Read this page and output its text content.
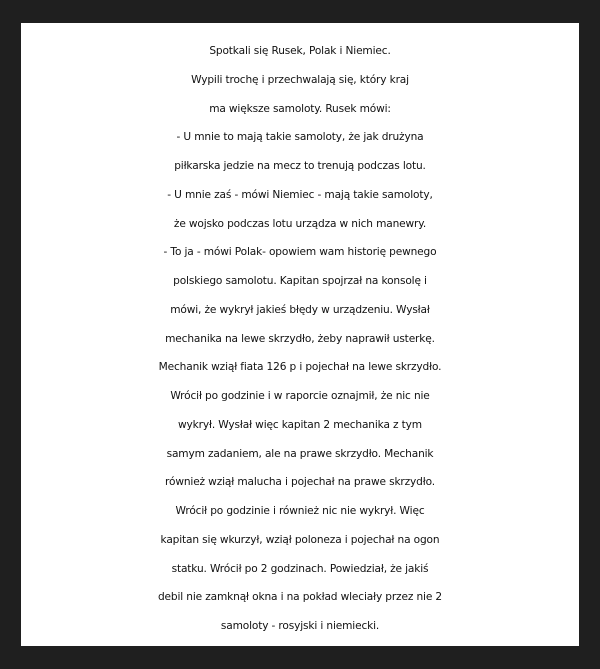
Spotkali się Rusek, Polak i Niemiec.
Wypili trochę i przechwalają się, który kraj
ma większe samoloty. Rusek mówi:
- U mnie to mają takie samoloty, że jak drużyna
piłkarska jedzie na mecz to trenują podczas lotu.
- U mnie zaś - mówi Niemiec - mają takie samoloty,
że wojsko podczas lotu urządza w nich manewry.
- To ja - mówi Polak- opowiem wam historię pewnego
polskiego samolotu. Kapitan spojrzał na konsolę i
mówi, że wykrył jakieś błędy w urządzeniu. Wysłał
mechanika na lewe skrzydło, żeby naprawił usterkę.
Mechanik wziął fiata 126 p i pojechał na lewe skrzydło.
Wrócił po godzinie i w raporcie oznajmił, że nic nie
wykrył. Wysłał więc kapitan 2 mechanika z tym
samym zadaniem, ale na prawe skrzydło. Mechanik
również wziął malucha i pojechał na prawe skrzydło.
Wrócił po godzinie i również nic nie wykrył. Więc
kapitan się wkurzył, wziął poloneza i pojechał na ogon
statku. Wrócił po 2 godzinach. Powiedział, że jakiś
debil nie zamknął okna i na pokład wleciały przez nie 2
samoloty - rosyjski i niemiecki.
